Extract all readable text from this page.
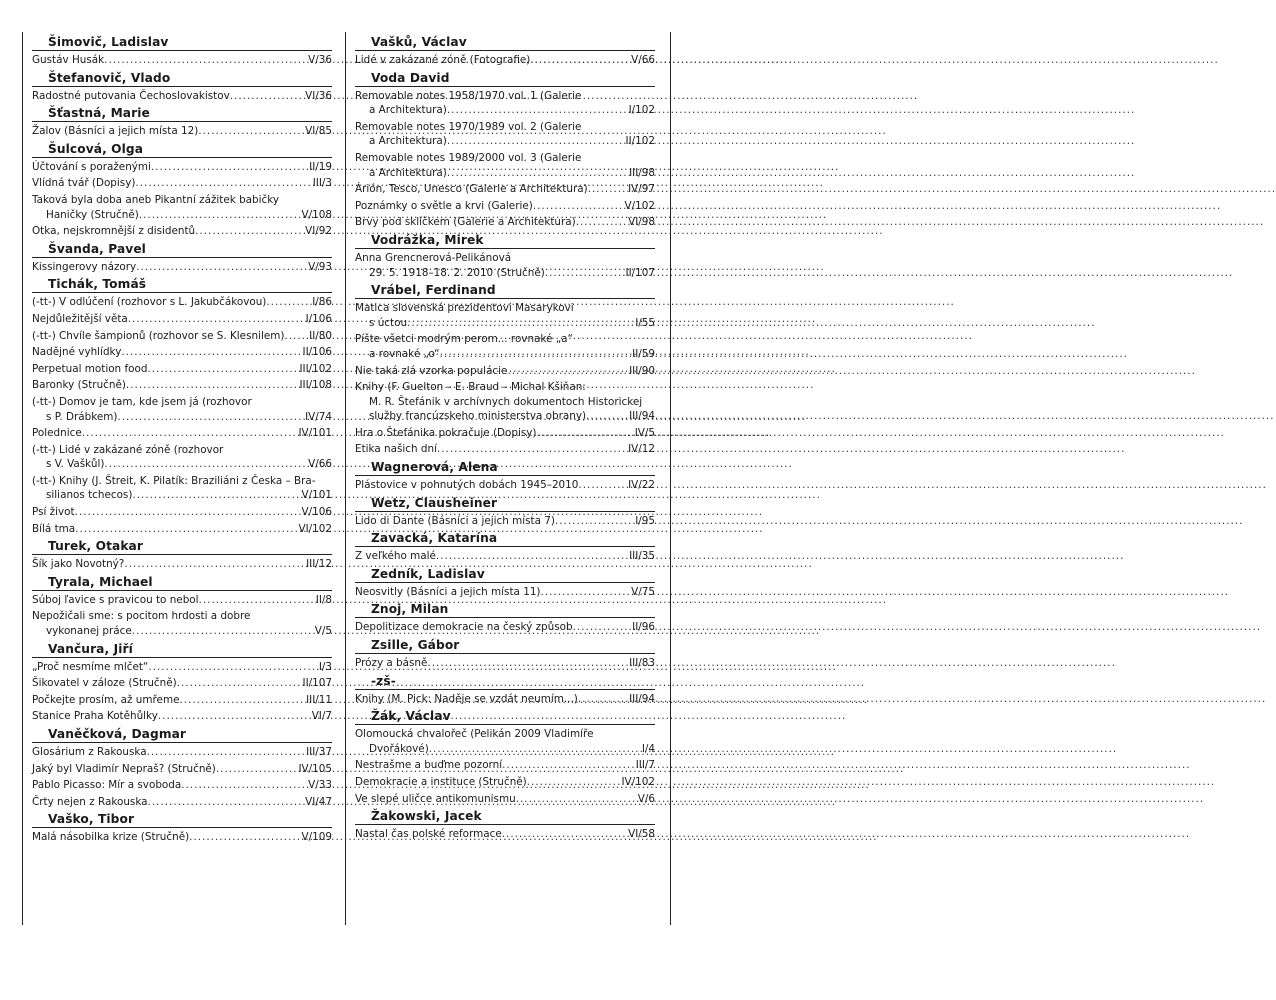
Šimovič, Ladislav
Gustáv Husák .....	V/36
Štefanovič, Vlado
Radostné putovania Čechoslovakistov .....	VI/36
Šťastná, Marie
Žalov (Básníci a jejich místa 12) .....	VI/85
Šulcová, Olga
Účtování s poraženými .....	II/19
Vlídná tvář (Dopisy) .....	III/3
Taková byla doba aneb Pikantní zážitek babičky
Haničky (Stručně) .....	V/108
Otka, nejskromnější z disidentů .....	VI/92
Švanda, Pavel
Kissingerovy názory .....	V/93
Tichák, Tomáš
(-tt-) V odlúčení (rozhovor s L. Jakubčákovou) .....	I/86
Nejdůležitější věta .....	I/106
(-tt-) Chvíle šampionů (rozhovor se S. Klesnilem) ..... II/80
Nadějné vyhlídky .....	II/106
Perpetual motion food .....	III/102
Baronky (Stručně) .....	III/108
(-tt-) Domov je tam, kde jsem já (rozhovor
s P. Drábkem) .....	IV/74
Polednice .....	IV/101
(-tt-) Lidé v zakázané zóně (rozhovor
s V. Vaškůl) .....	V/66
(-tt-) Knihy (J. Štreit, K. Pilatík: Braziliáni z Česka – Bra-
silianos tchecos) .....	V/101
Psí život .....	V/106
Bílá tma .....	VI/102
Turek, Otakar
Šík jako Novotný? .....	III/12
Tyrala, Michael
Súboj ľavice s pravicou to nebol .....	II/8
Nepožičali sme: s pocitom hrdosti a dobre
vykonanej práce .....	V/5
Vančura, Jiří
„Proč nesmíme mlčet“ .....	I/3
Šikovatel v záloze (Stručně) .....	II/107
Počkejte prosím, až umřeme .....	III/11
Stanice Praha Kotěhůlky .....	VI/7
Vaněčková, Dagmar
Glosárium z Rakouska .....	III/37
Jaký byl Vladimír Nepraš? (Stručně) .....	IV/105
Pablo Picasso: Mír a svoboda .....	V/33
Črty nejen z Rakouska .....	VI/47
Vaško, Tibor
Malá násobilka krize (Stručně) .....	V/109
Vašků, Václav
Lidé v zakázané zóně (Fotografie) .....	V/66
Voda David
Removable notes 1958/1970 vol. 1 (Galerie
a Architektura) .....	I/102
Removable notes 1970/1989 vol. 2 (Galerie
a Architektura) .....	II/102
Removable notes 1989/2000 vol. 3 (Galerie
a Architektura) .....	III/98
Árión, Tesco, Unesco (Galerie a Architektura) .....	IV/97
Poznámky o světle a krvi (Galerie) .....	V/102
Brvy pod sklíčkem (Galerie a Architektura) .....	VI/98
Vodrážka, Mirek
Anna Grencnerová-Pelikánová
29. 5. 1918–18. 2. 2010 (Stručně) .....	II/107
Vrábel, Ferdinand
Matica slovenská prezidentovi Masarykovi
s úctou .....	I/55
Píšte všetci modrým perom... rovnaké „a“
a rovnaké „o“ .....	II/59
Nie taká zlá vzorka populácie .....	III/90
Knihy (F. Guelton – E. Braud – Michal Kšiňan:
M. R. Štefánik v archívnych dokumentoch Historickej
služby francúzskeho ministerstva obrany) .....	III/94
Hra o Štefánika pokračuje (Dopisy) .....	IV/5
Etika našich dní .....	IV/12
Wagnerová, Alena
Plástovice v pohnutých dobách 1945–2010 .....	IV/22
Wetz, Clausheiner
Lido di Dante (Básníci a jejich místa 7) .....	I/95
Zavacká, Katarína
Z veľkého malé .....	III/35
Zedník, Ladislav
Neosvitly (Básníci a jejich místa 11) .....	V/75
Znoj, Milan
Depolitizace demokracie na český způsob .....	II/96
Zsille, Gábor
Prózy a básně .....	III/83
-zš-
Knihy (M. Pick: Naděje se vzdát neumím...) .....	III/94
Žák, Václav
Olomoucká chvalořeč (Pelikán 2009 Vladimíře
Dvořákové) .....	I/4
Nestrašme a buďme pozorní .....	III/7
Demokracie a instituce (Stručně) .....	IV/102
Ve slepé uličce antikomunismu .....	V/6
Žakowski, Jacek
Nastal čas polské reformace .....	VI/58
